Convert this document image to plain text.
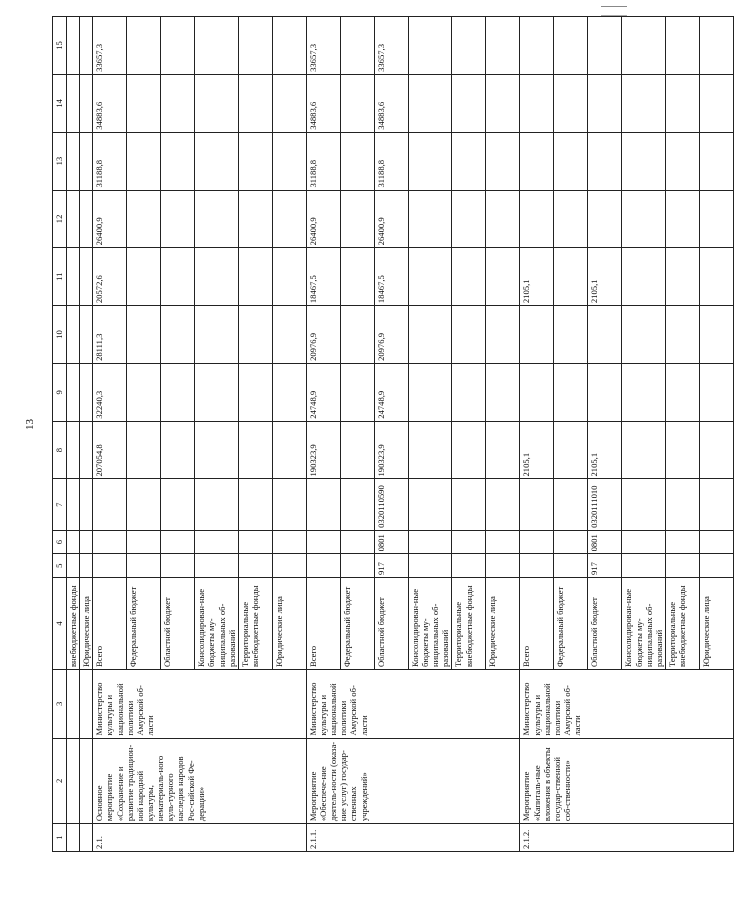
13
1	2	3	4	5	6	7	8	9	10	11	12	13	14	15
			внебюджетные фонды											
			Юридические лица											
2.1.	Основное мероприятие «Сохранение и развитие традицион-ной народной культуры, нематериаль-ного куль-турного наследия народов Рос-сийской Фе-дерации»	Министерство культуры и национальной политики Амурской об-ласти	Всего				207054,8	32240,3	28111,3	20572,6	26400,9	31188,8	34883,6	33657,3
			Федеральный бюджет											
			Областной бюджет											
			Консолидирован-ные бюджеты му-ниципальных об-разований											
			Территориальные внебюджетные фонды											
			Юридические лица											
2.1.1.	Мероприятие «Обеспече-ние деятель-ности (оказа-ние услуг) государ-ственных учреждений»	Министерство культуры и национальной политики Амурской об-ласти	Всего				190323,9	24748,9	20976,9	18467,5	26400,9	31188,8	34883,6	33657,3
			Федеральный бюджет											
			Областной бюджет	917	0801	0320110590	190323,9	24748,9	20976,9	18467,5	26400,9	31188,8	34883,6	33657,3
			Консолидирован-ные бюджеты му-ниципальных об-разований											
			Территориальные внебюджетные фонды											
			Юридические лица											
2.1.2.	Мероприятие «Капиталь-ные вложения в объекты государ-ственной соб-ственности»	Министерство культуры и национальной политики Амурской об-ласти	Всего				2105,1			2105,1				
			Федеральный бюджет											
			Областной бюджет	917	0801	0320111010	2105,1			2105,1				
			Консолидирован-ные бюджеты му-ниципальных об-разований											
			Территориальные внебюджетные фонды											
			Юридические лица											
